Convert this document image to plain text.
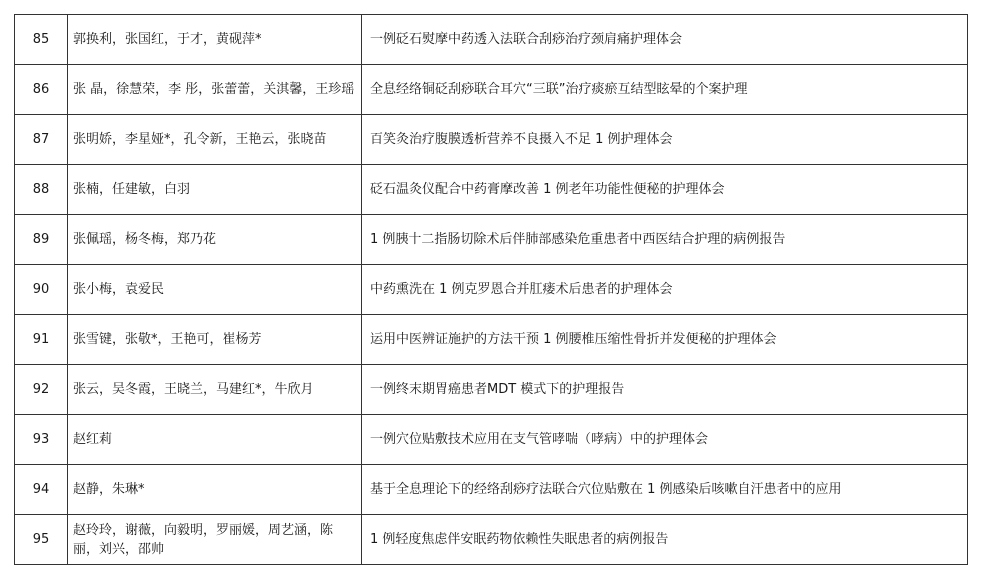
85	郭换利，张国红，于才，黄砚萍*	一例砭石熨摩中药透入法联合刮痧治疗颈肩痛护理体会
86	张 晶，徐慧荣，李 彤，张蕾蕾，关淇馨，王珍瑶	全息经络铜砭刮痧联合耳穴“三联”治疗痰瘀互结型眩晕的个案护理
87	张明娇，李星娅*，孔令新，王艳云，张晓苗	百笑灸治疗腹膜透析营养不良摄入不足 1 例护理体会
88	张楠，任建敏，白羽	砭石温灸仪配合中药膏摩改善 1 例老年功能性便秘的护理体会
89	张佩瑶，杨冬梅，郑乃花	1 例胰十二指肠切除术后伴肺部感染危重患者中西医结合护理的病例报告
90	张小梅，袁爱民	中药熏洗在 1 例克罗恩合并肛瘘术后患者的护理体会
91	张雪键，张敬*，王艳可，崔杨芳	运用中医辨证施护的方法干预 1 例腰椎压缩性骨折并发便秘的护理体会
92	张云，吴冬霞，王晓兰，马建红*，牛欣月	一例终末期胃癌患者MDT 模式下的护理报告
93	赵红莉	一例穴位贴敷技术应用在支气管哮喘（哮病）中的护理体会
94	赵静，朱琳*	基于全息理论下的经络刮痧疗法联合穴位贴敷在 1 例感染后咳嗽自汗患者中的应用
95	赵玲玲，谢薇，向毅明，罗丽媛，周艺涵，陈丽，刘兴，邵帅	1 例轻度焦虑伴安眠药物依赖性失眠患者的病例报告
